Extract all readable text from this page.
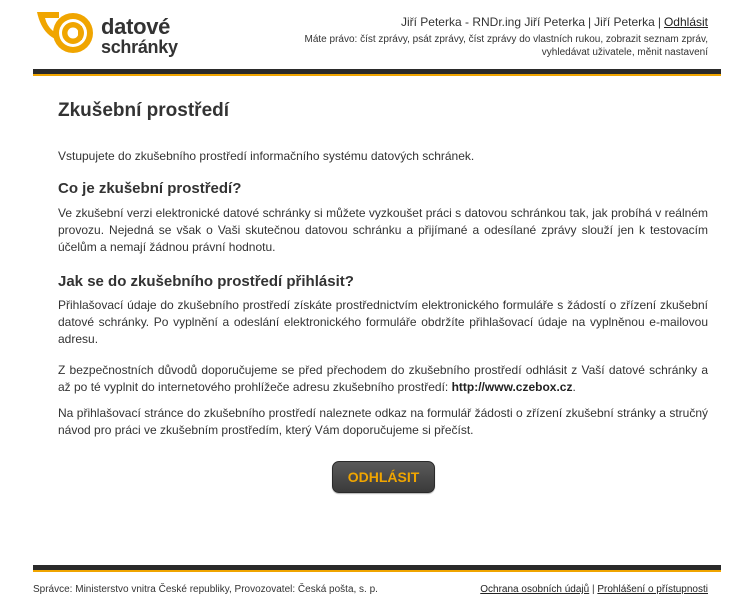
datové
schránky
Jiří Peterka - RNDr.ing Jiří Peterka | Jiří Peterka | Odhlásit
Máte právo: číst zprávy, psát zprávy, číst zprávy do vlastních rukou, zobrazit seznam zpráv, vyhledávat uživatele, měnit nastavení
Zkušební prostředí
Vstupujete do zkušebního prostředí informačního systému datových schránek.
Co je zkušební prostředí?
Ve zkušební verzi elektronické datové schránky si můžete vyzkoušet práci s datovou schránkou tak, jak probíhá v reálném provozu. Nejedná se však o Vaši skutečnou datovou schránku a přijímané a odesílané zprávy slouží jen k testovacím účelům a nemají žádnou právní hodnotu.
Jak se do zkušebního prostředí přihlásit?
Přihlašovací údaje do zkušebního prostředí získáte prostřednictvím elektronického formuláře s žádostí o zřízení zkušební datové schránky. Po vyplnění a odeslání elektronického formuláře obdržíte přihlašovací údaje na vyplněnou e-mailovou adresu.
Z bezpečnostních důvodů doporučujeme se před přechodem do zkušebního prostředí odhlásit z Vaší datové schránky a až po té vyplnit do internetového prohlížeče adresu zkušebního prostředí: http://www.czebox.cz.
Na přihlašovací stránce do zkušebního prostředí naleznete odkaz na formulář žádosti o zřízení zkušební stránky a stručný návod pro práci ve zkušebním prostředím, který Vám doporučujeme si přečíst.
ODHLÁSIT
Správce: Ministerstvo vnitra České republiky, Provozovatel: Česká pošta, s. p.	Ochrana osobních údajů | Prohlášení o přístupnosti
